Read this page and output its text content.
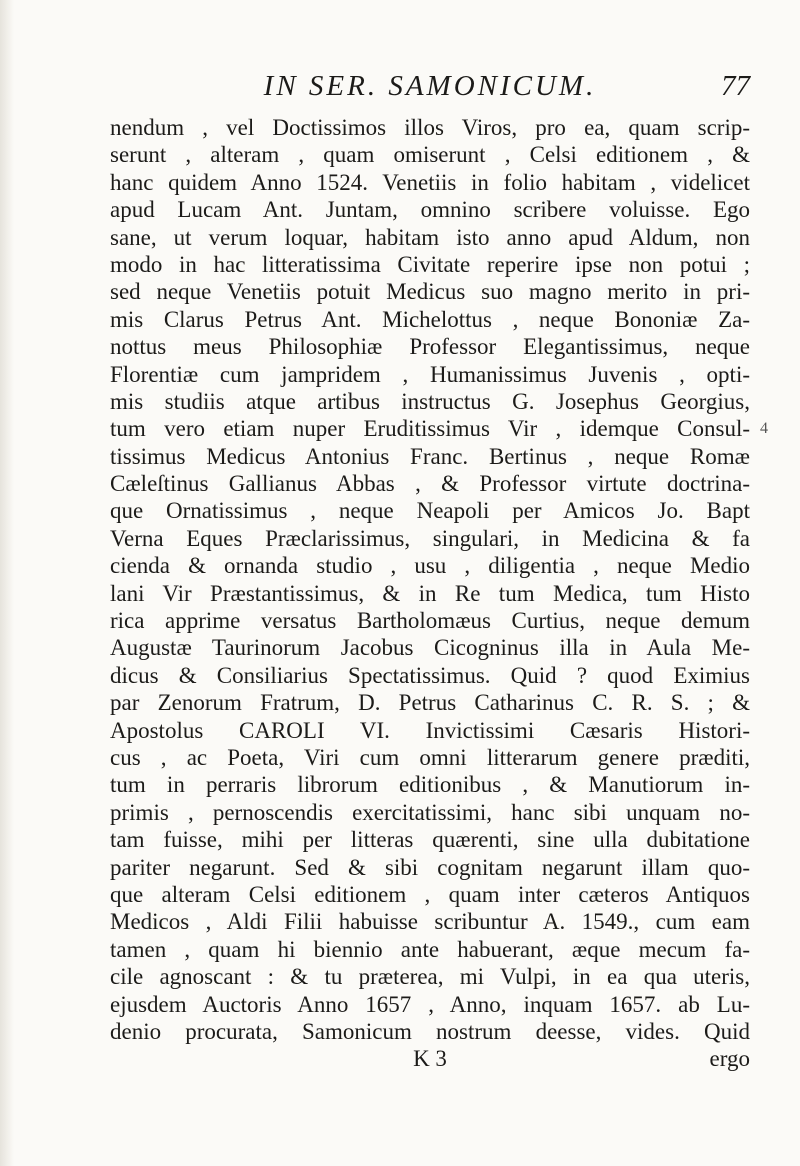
IN SER. SAMONICUM.	77
nendum , vel Doctissimos illos Viros, pro ea, quam scrip-
serunt , alteram , quam omiserunt , Celsi editionem , &
hanc quidem Anno 1524. Venetiis in folio habitam , videlicet
apud Lucam Ant. Juntam, omnino scribere voluisse. Ego
sane, ut verum loquar, habitam isto anno apud Aldum, non
modo in hac litteratissima Civitate reperire ipse non potui ;
sed neque Venetiis potuit Medicus suo magno merito in pri-
mis Clarus Petrus Ant. Michelottus , neque Bononiæ Za-
nottus meus Philosophiæ Professor Elegantissimus, neque
Florentiæ cum jampridem , Humanissimus Juvenis , opti-
mis studiis atque artibus instructus G. Josephus Georgius,
tum vero etiam nuper Eruditissimus Vir , idemque Consul-
tissimus Medicus Antonius Franc. Bertinus , neque Romæ
Cæleſtinus Gallianus Abbas , & Professor virtute doctrina-
que Ornatissimus , neque Neapoli per Amicos Jo. Bapt
Verna Eques Præclarissimus, singulari, in Medicina & fa
cienda & ornanda studio , usu , diligentia , neque Medio
lani Vir Præstantissimus, & in Re tum Medica, tum Histo
rica apprime versatus Bartholomæus Curtius, neque demum
Augustæ Taurinorum Jacobus Cicogninus illa in Aula Me-
dicus & Consiliarius Spectatissimus. Quid ? quod Eximius
par Zenorum Fratrum, D. Petrus Catharinus C. R. S. ; &
Apostolus CAROLI VI. Invictissimi Cæsaris Histori-
cus , ac Poeta, Viri cum omni litterarum genere præditi,
tum in perraris librorum editionibus , & Manutiorum in-
primis , pernoscendis exercitatissimi, hanc sibi unquam no-
tam fuisse, mihi per litteras quærenti, sine ulla dubitatione
pariter negarunt. Sed & sibi cognitam negarunt illam quo-
que alteram Celsi editionem , quam inter cæteros Antiquos
Medicos , Aldi Filii habuisse scribuntur A. 1549., cum eam
tamen , quam hi biennio ante habuerant, æque mecum fa-
cile agnoscant : & tu præterea, mi Vulpi, in ea qua uteris,
ejusdem Auctoris Anno 1657 , Anno, inquam 1657. ab Lu-
denio procurata, Samonicum nostrum deesse, vides. Quid
K 3	ergo
4
